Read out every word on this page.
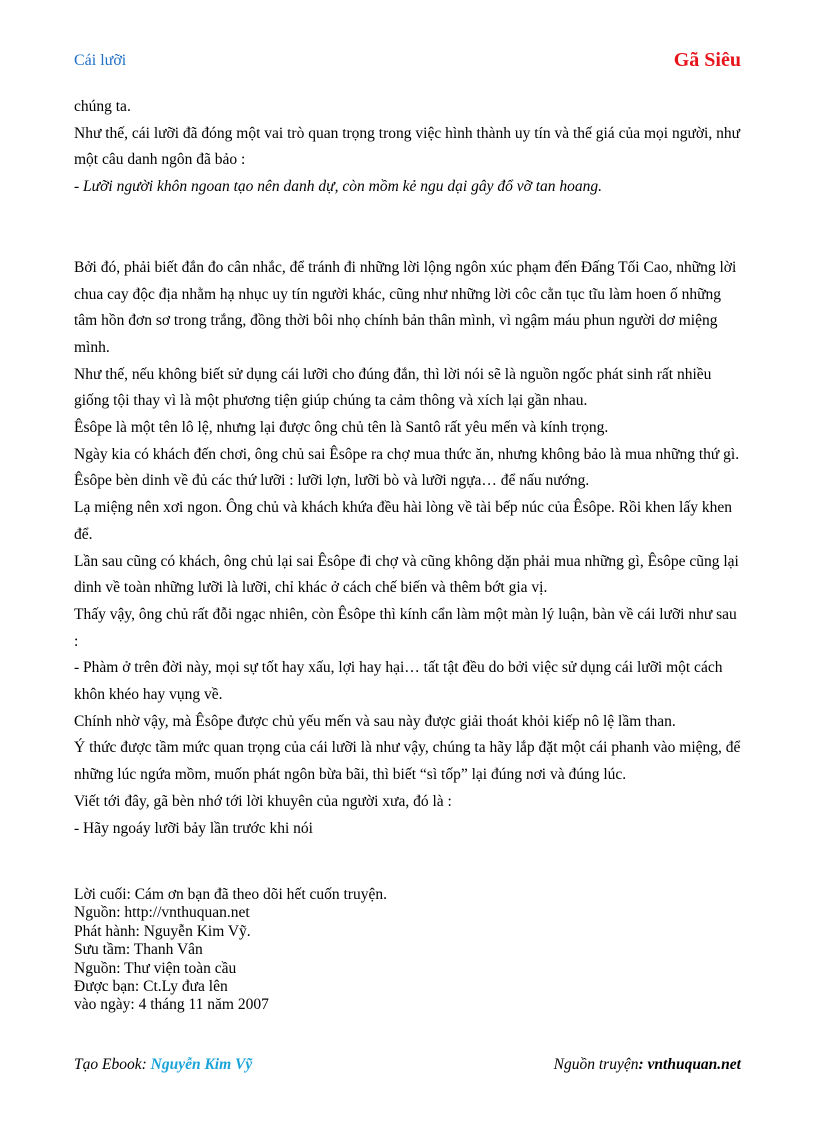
Cái lưỡi	Gã Siêu

chúng ta.

Như thế, cái lưỡi đã đóng một vai trò quan trọng trong việc hình thành uy tín và thế giá của mọi người, như một câu danh ngôn đã bảo :

- Lưỡi người khôn ngoan tạo nên danh dự, còn mồm kẻ ngu dại gây đổ vỡ tan hoang.

Bởi đó, phải biết đắn đo cân nhắc, để tránh đi những lời lộng ngôn xúc phạm đến Đấng Tối Cao, những lời chua cay độc địa nhằm hạ nhục uy tín người khác, cũng như những lời côc cằn tục tĩu làm hoen ố những tâm hồn đơn sơ trong trắng, đồng thời bôi nhọ chính bản thân mình, vì ngậm máu phun người dơ miệng mình.

Như thế, nếu không biết sử dụng cái lưỡi cho đúng đắn, thì lời nói sẽ là nguồn ngốc phát sinh rất nhiều giống tội thay vì là một phương tiện giúp chúng ta cảm thông và xích lại gần nhau.

Êsôpe là một tên lô lệ, nhưng lại được ông chủ tên là Santô rất yêu mến và kính trọng.

Ngày kia có khách đến chơi, ông chủ sai Êsôpe ra chợ mua thức ăn, nhưng không bảo là mua những thứ gì. Êsôpe bèn dinh về đủ các thứ lưỡi : lưỡi lợn, lưỡi bò và lưỡi ngựa… để nấu nướng.

Lạ miệng nên xơi ngon. Ông chủ và khách khứa đều hài lòng về tài bếp núc của Êsôpe. Rồi khen lấy khen để.

Lần sau cũng có khách, ông chủ lại sai Êsôpe đi chợ và cũng không dặn phải mua những gì, Êsôpe cũng lại dinh về toàn những lưỡi là lưỡi, chỉ khác ở cách chế biến và thêm bớt gia vị.

Thấy vậy, ông chủ rất đỗi ngạc nhiên, còn Êsôpe thì kính cẩn làm một màn lý luận, bàn về cái lưỡi như sau :

- Phàm ở trên đời này, mọi sự tốt hay xấu, lợi hay hại… tất tật đều do bởi việc sử dụng cái lưỡi một cách khôn khéo hay vụng về.

Chính nhờ vậy, mà Êsôpe được chủ yếu mến và sau này được giải thoát khỏi kiếp nô lệ lầm than.

Ý thức được tầm mức quan trọng của cái lưỡi là như vậy, chúng ta hãy lắp đặt một cái phanh vào miệng, để những lúc ngứa mồm, muốn phát ngôn bừa bãi, thì biết “sì tốp” lại đúng nơi và đúng lúc.

Viết tới đây, gã bèn nhớ tới lời khuyên của người xưa, đó là :

- Hãy ngoáy lưỡi bảy lần trước khi nói

Lời cuối: Cám ơn bạn đã theo dõi hết cuốn truyện.

Nguồn: http://vnthuquan.net

Phát hành: Nguyễn Kim Vỹ.

Sưu tầm: Thanh Vân

Nguồn: Thư viện toàn cầu

Được bạn: Ct.Ly đưa lên

vào ngày: 4 tháng 11 năm 2007

Tạo Ebook: Nguyễn Kim Vỹ	Nguồn truyện: vnthuquan.net
